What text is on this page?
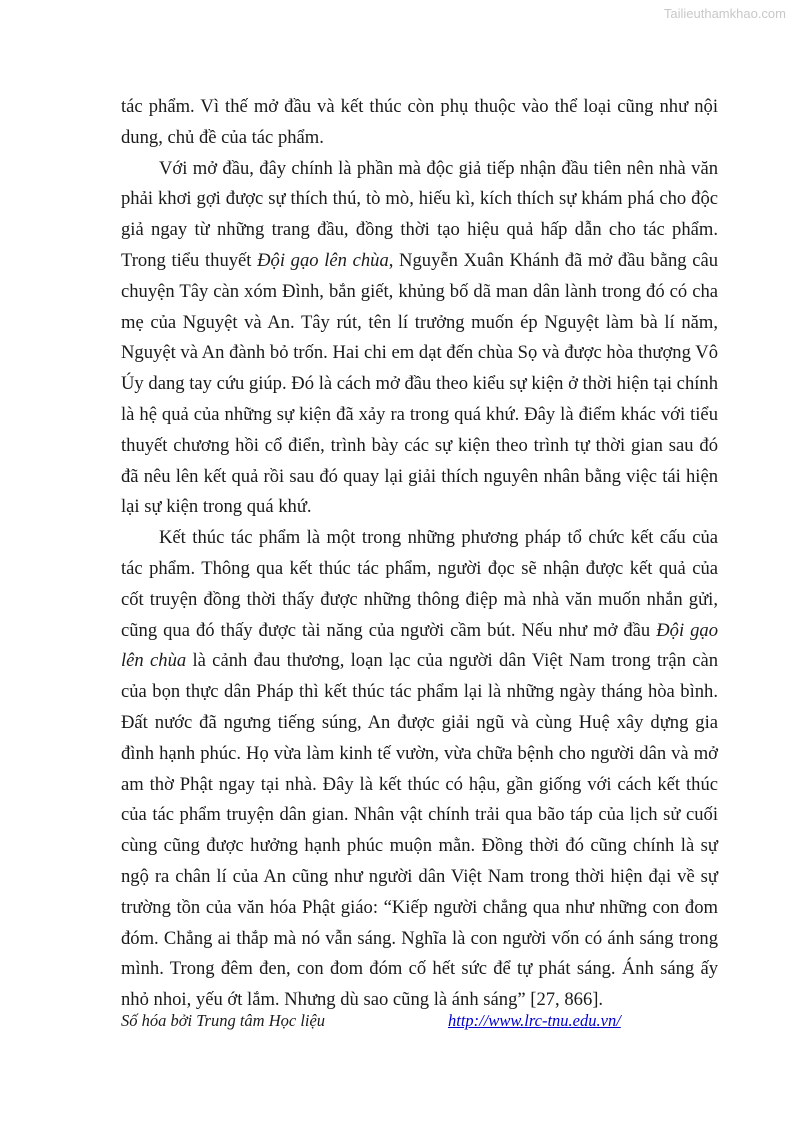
Tailieuthamkhao.com

tác phẩm. Vì thế mở đầu và kết thúc còn phụ thuộc vào thể loại cũng như nội dung, chủ đề của tác phẩm.

Với mở đầu, đây chính là phần mà độc giả tiếp nhận đầu tiên nên nhà văn phải khơi gợi được sự thích thú, tò mò, hiếu kì, kích thích sự khám phá cho độc giả ngay từ những trang đầu, đồng thời tạo hiệu quả hấp dẫn cho tác phẩm. Trong tiểu thuyết Đội gạo lên chùa, Nguyễn Xuân Khánh đã mở đầu bằng câu chuyện Tây càn xóm Đình, bắn giết, khủng bố dã man dân lành trong đó có cha mẹ của Nguyệt và An. Tây rút, tên lí trưởng muốn ép Nguyệt làm bà lí năm, Nguyệt và An đành bỏ trốn. Hai chi em dạt đến chùa Sọ và được hòa thượng Vô Úy dang tay cứu giúp. Đó là cách mở đầu theo kiểu sự kiện ở thời hiện tại chính là hệ quả của những sự kiện đã xảy ra trong quá khứ. Đây là điểm khác với tiểu thuyết chương hồi cổ điển, trình bày các sự kiện theo trình tự thời gian sau đó đã nêu lên kết quả rồi sau đó quay lại giải thích nguyên nhân bằng việc tái hiện lại sự kiện trong quá khứ.

Kết thúc tác phẩm là một trong những phương pháp tổ chức kết cấu của tác phẩm. Thông qua kết thúc tác phẩm, người đọc sẽ nhận được kết quả của cốt truyện đồng thời thấy được những thông điệp mà nhà văn muốn nhắn gửi, cũng qua đó thấy được tài năng của người cầm bút. Nếu như mở đầu Đội gạo lên chùa là cảnh đau thương, loạn lạc của người dân Việt Nam trong trận càn của bọn thực dân Pháp thì kết thúc tác phẩm lại là những ngày tháng hòa bình. Đất nước đã ngưng tiếng súng, An được giải ngũ và cùng Huệ xây dựng gia đình hạnh phúc. Họ vừa làm kinh tế vườn, vừa chữa bệnh cho người dân và mở am thờ Phật ngay tại nhà. Đây là kết thúc có hậu, gần giống với cách kết thúc của tác phẩm truyện dân gian. Nhân vật chính trải qua bão táp của lịch sử cuối cùng cũng được hưởng hạnh phúc muộn mằn. Đồng thời đó cũng chính là sự ngộ ra chân lí của An cũng như người dân Việt Nam trong thời hiện đại về sự trường tồn của văn hóa Phật giáo: “Kiếp người chẳng qua như những con đom đóm. Chẳng ai thắp mà nó vẫn sáng. Nghĩa là con người vốn có ánh sáng trong mình. Trong đêm đen, con đom đóm cố hết sức để tự phát sáng. Ánh sáng ấy nhỏ nhoi, yếu ớt lắm. Nhưng dù sao cũng là ánh sáng” [27, 866].

Số hóa bởi Trung tâm Học liệu	http://www.lrc-tnu.edu.vn/
